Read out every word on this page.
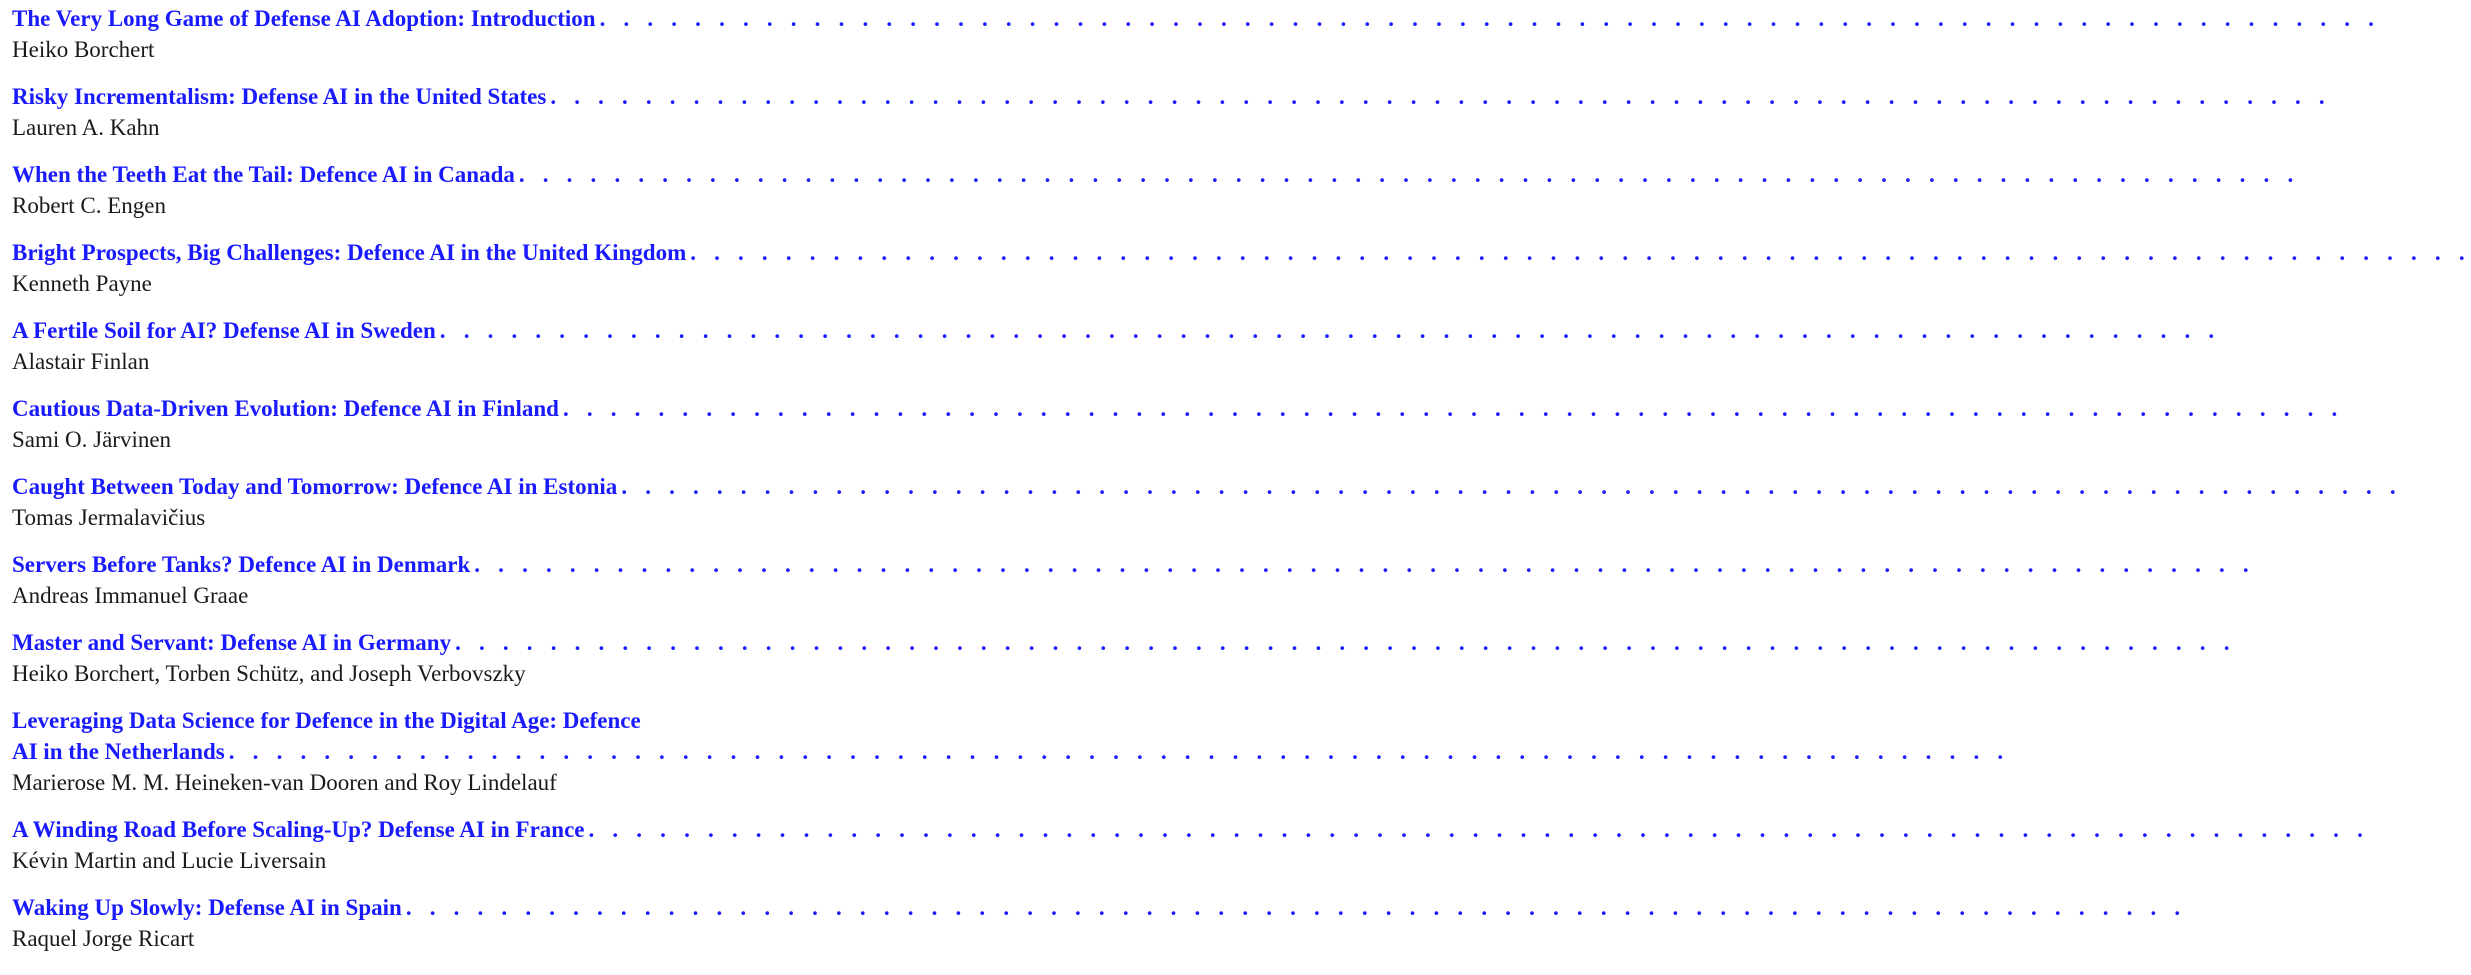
The Very Long Game of Defense AI Adoption: Introduction . . . . . . . . . . . . . . . . . . . . . . . . . . . . . . . . . . . . . . . . . . . . . . . . . . . . . . . . . . . . . . . . . . . . . . . . . . .
Heiko Borchert
Risky Incrementalism: Defense AI in the United States . . . . . . . . . . . . . . . . . . . . . . . . . . . . . . . . . . . . . . . . . . . . . . . . . . . . . . . . . . . . . . . . . . . . . . . . . . .
Lauren A. Kahn
When the Teeth Eat the Tail: Defence AI in Canada . . . . . . . . . . . . . . . . . . . . . . . . . . . . . . . . . . . . . . . . . . . . . . . . . . . . . . . . . . . . . . . . . . . . . . . . . . .
Robert C. Engen
Bright Prospects, Big Challenges: Defence AI in the United Kingdom . . . . . . . . . . . . . . . . . . . . . . . . . . . . . . . . . . . . . . . . . . . . . . . . . . . . . . . . . . . . . . . . . . . . . . . . . . .
Kenneth Payne
A Fertile Soil for AI? Defense AI in Sweden . . . . . . . . . . . . . . . . . . . . . . . . . . . . . . . . . . . . . . . . . . . . . . . . . . . . . . . . . . . . . . . . . . . . . . . . . . .
Alastair Finlan
Cautious Data-Driven Evolution: Defence AI in Finland . . . . . . . . . . . . . . . . . . . . . . . . . . . . . . . . . . . . . . . . . . . . . . . . . . . . . . . . . . . . . . . . . . . . . . . . . . .
Sami O. Järvinen
Caught Between Today and Tomorrow: Defence AI in Estonia . . . . . . . . . . . . . . . . . . . . . . . . . . . . . . . . . . . . . . . . . . . . . . . . . . . . . . . . . . . . . . . . . . . . . . . . . . .
Tomas Jermalavičius
Servers Before Tanks? Defence AI in Denmark . . . . . . . . . . . . . . . . . . . . . . . . . . . . . . . . . . . . . . . . . . . . . . . . . . . . . . . . . . . . . . . . . . . . . . . . . . .
Andreas Immanuel Graae
Master and Servant: Defense AI in Germany . . . . . . . . . . . . . . . . . . . . . . . . . . . . . . . . . . . . . . . . . . . . . . . . . . . . . . . . . . . . . . . . . . . . . . . . . . .
Heiko Borchert, Torben Schütz, and Joseph Verbovszky
Leveraging Data Science for Defence in the Digital Age: Defence
AI in the Netherlands . . . . . . . . . . . . . . . . . . . . . . . . . . . . . . . . . . . . . . . . . . . . . . . . . . . . . . . . . . . . . . . . . . . . . . . . . . .
Marierose M. M. Heineken-van Dooren and Roy Lindelauf
A Winding Road Before Scaling-Up? Defense AI in France . . . . . . . . . . . . . . . . . . . . . . . . . . . . . . . . . . . . . . . . . . . . . . . . . . . . . . . . . . . . . . . . . . . . . . . . . . .
Kévin Martin and Lucie Liversain
Waking Up Slowly: Defense AI in Spain . . . . . . . . . . . . . . . . . . . . . . . . . . . . . . . . . . . . . . . . . . . . . . . . . . . . . . . . . . . . . . . . . . . . . . . . . . .
Raquel Jorge Ricart
